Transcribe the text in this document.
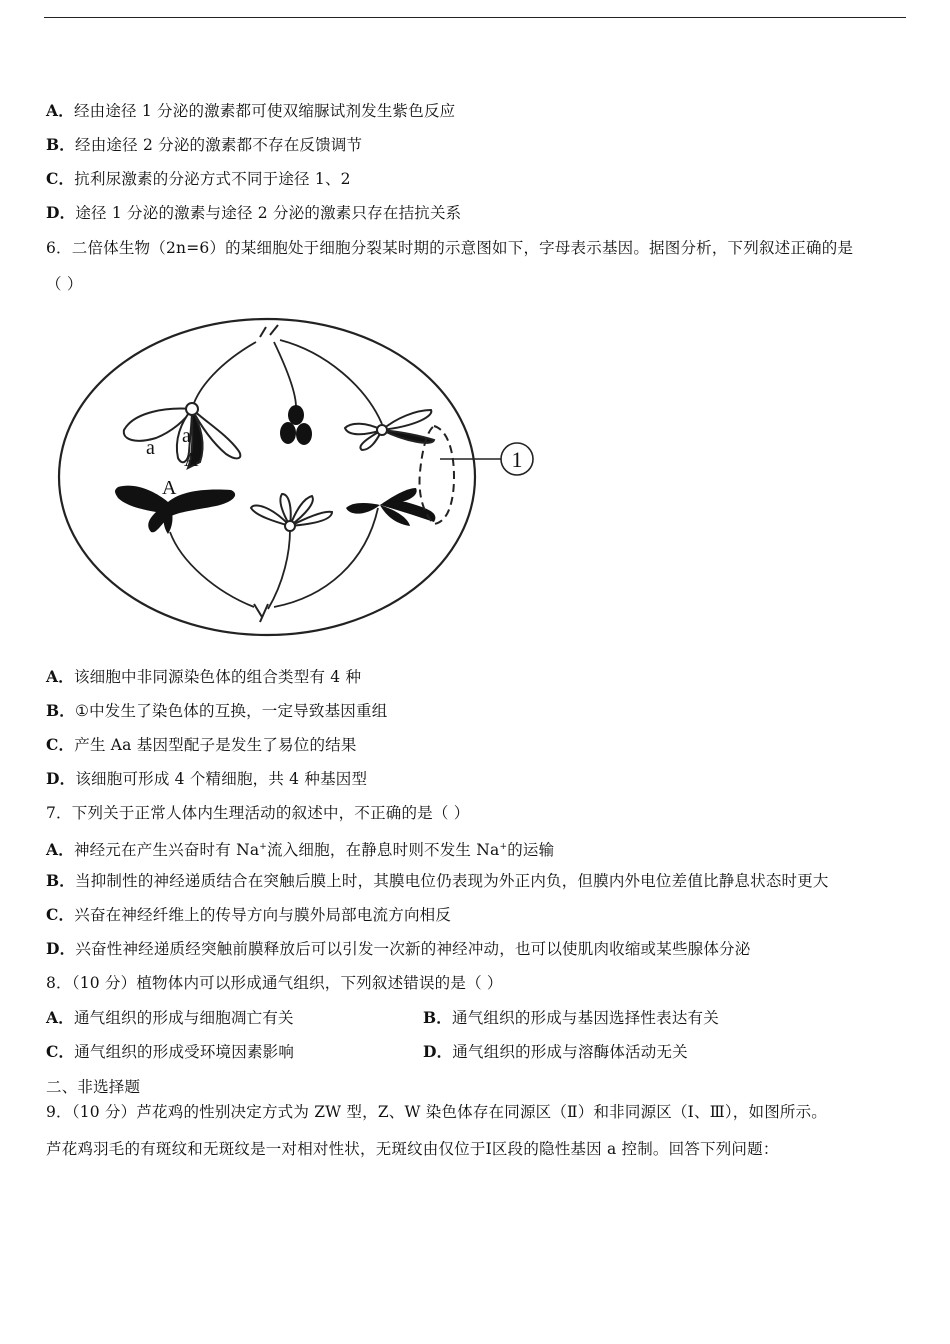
A．经由途径 1 分泌的激素都可使双缩脲试剂发生紫色反应
B．经由途径 2 分泌的激素都不存在反馈调节
C．抗利尿激素的分泌方式不同于途径 1、2
D．途径 1 分泌的激素与途径 2 分泌的激素只存在拮抗关系
6．二倍体生物（2n=6）的某细胞处于细胞分裂某时期的示意图如下，字母表示基因。据图分析，下列叙述正确的是
（ ）
1
a
a
A
A
A．该细胞中非同源染色体的组合类型有 4 种
B．①中发生了染色体的互换，一定导致基因重组
C．产生 Aa 基因型配子是发生了易位的结果
D．该细胞可形成 4 个精细胞，共 4 种基因型
7．下列关于正常人体内生理活动的叙述中，不正确的是（ ）
A．神经元在产生兴奋时有 Na+流入细胞，在静息时则不发生 Na+的运输
B．当抑制性的神经递质结合在突触后膜上时，其膜电位仍表现为外正内负，但膜内外电位差值比静息状态时更大
C．兴奋在神经纤维上的传导方向与膜外局部电流方向相反
D．兴奋性神经递质经突触前膜释放后可以引发一次新的神经冲动，也可以使肌肉收缩或某些腺体分泌
8．（10 分）植物体内可以形成通气组织，下列叙述错误的是（ ）
A．通气组织的形成与细胞凋亡有关	B．通气组织的形成与基因选择性表达有关
C．通气组织的形成受环境因素影响	D．通气组织的形成与溶酶体活动无关
二、非选择题
9．（10 分）芦花鸡的性别决定方式为 ZW 型，Z、W 染色体存在同源区（Ⅱ）和非同源区（Ⅰ、Ⅲ），如图所示。
芦花鸡羽毛的有斑纹和无斑纹是一对相对性状，无斑纹由仅位于Ⅰ区段的隐性基因 a 控制。回答下列问题：
